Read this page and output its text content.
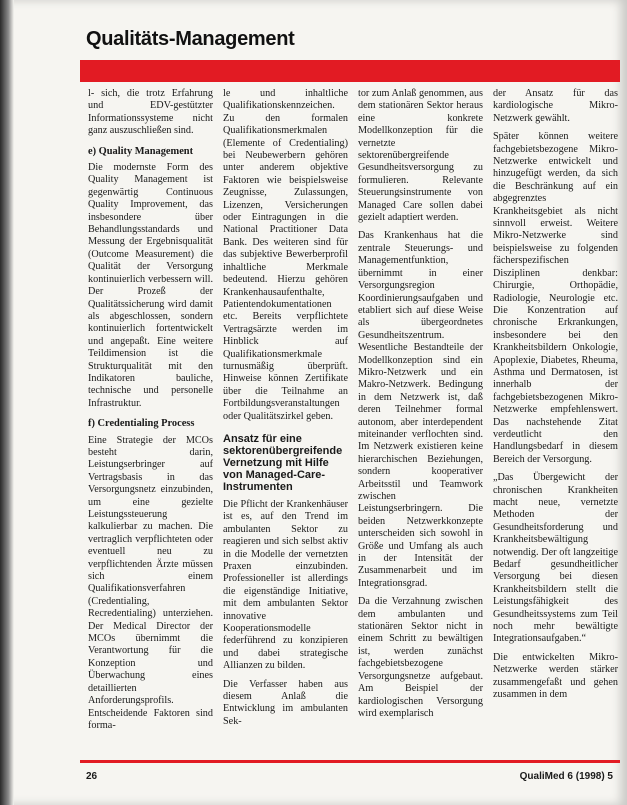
Qualitäts-Management

l- sich, die trotz Erfahrung und EDV-gestützter Informationssysteme nicht ganz auszuschließen sind.

e) Quality Management

Die modernste Form des Quality Management ist gegenwärtig Continuous Quality Improvement, das insbesondere über Behandlungsstandards und Messung der Ergebnisqualität (Outcome Measurement) die Qualität der Versorgung kontinuierlich verbessern will. Der Prozeß der Qualitätssicherung wird damit als abgeschlossen, sondern kontinuierlich fortentwickelt und angepaßt. Eine weitere Teildimension ist die Strukturqualität mit den Indikatoren bauliche, technische und personelle Infrastruktur.

f) Credentialing Process

Eine Strategie der MCOs besteht darin, Leistungserbringer auf Vertragsbasis in das Versorgungsnetz einzubinden, um eine gezielte Leistungssteuerung kalkulierbar zu machen. Die vertraglich verpflichteten oder eventuell neu zu verpflichtenden Ärzte müssen sich einem Qualifikationsverfahren (Credentialing, Recredentialing) unterziehen. Der Medical Director der MCOs übernimmt die Verantwortung für die Konzeption und Überwachung eines detaillierten Anforderungsprofils. Entscheidende Faktoren sind forma-

le und inhaltliche Qualifikationskennzeichen. Zu den formalen Qualifikationsmerkmalen (Elemente of Credentialing) bei Neubewerbern gehören unter anderem objektive Faktoren wie beispielsweise Zeugnisse, Zulassungen, Lizenzen, Versicherungen oder Eintragungen in die National Practitioner Data Bank. Des weiteren sind für das subjektive Bewerberprofil inhaltliche Merkmale bedeutend. Hierzu gehören Krankenhausaufenthalte, Patientendokumentationen etc. Bereits verpflichtete Vertragsärzte werden im Hinblick auf Qualifikationsmerkmale turnusmäßig überprüft. Hinweise können Zertifikate über die Teilnahme an Fortbildungsveranstaltungen oder Qualitätszirkel geben.

Ansatz für eine sektorenübergreifende Vernetzung mit Hilfe von Managed-Care-Instrumenten

Die Pflicht der Krankenhäuser ist es, auf den Trend im ambulanten Sektor zu reagieren und sich selbst aktiv in die Modelle der vernetzten Praxen einzubinden. Professioneller ist allerdings die eigenständige Initiative, mit dem ambulanten Sektor innovative Kooperationsmodelle federführend zu konzipieren und dabei strategische Allianzen zu bilden.

Die Verfasser haben aus diesem Anlaß die Entwicklung im ambulanten Sek-

tor zum Anlaß genommen, aus dem stationären Sektor heraus eine konkrete Modellkonzeption für die vernetzte sektorenübergreifende Gesundheitsversorgung zu formulieren. Relevante Steuerungsinstrumente von Managed Care sollen dabei gezielt adaptiert werden.

Das Krankenhaus hat die zentrale Steuerungs- und Managementfunktion, übernimmt in einer Versorgungsregion Koordinierungsaufgaben und etabliert sich auf diese Weise als übergeordnetes Gesundheitszentrum. Wesentliche Bestandteile der Modellkonzeption sind ein Mikro-Netzwerk und ein Makro-Netzwerk. Bedingung in dem Netzwerk ist, daß deren Teilnehmer formal autonom, aber interdependent miteinander verflochten sind. Im Netzwerk existieren keine hierarchischen Beziehungen, sondern kooperativer Arbeitsstil und Teamwork zwischen Leistungserbringern. Die beiden Netzwerkkonzepte unterscheiden sich sowohl in Größe und Umfang als auch in der Intensität der Zusammenarbeit und im Integrationsgrad.

Da die Verzahnung zwischen dem ambulanten und stationären Sektor nicht in einem Schritt zu bewältigen ist, werden zunächst fachgebietsbezogene Versorgungsnetze aufgebaut. Am Beispiel der kardiologischen Versorgung wird exemplarisch

der Ansatz für das kardiologische Mikro-Netzwerk gewählt.

Später können weitere fachgebietsbezogene Mikro-Netzwerke entwickelt und hinzugefügt werden, da sich die Beschränkung auf ein abgegrenztes Krankheitsgebiet als nicht sinnvoll erweist. Weitere Mikro-Netzwerke sind beispielsweise zu folgenden fächerspezifischen Disziplinen denkbar: Chirurgie, Orthopädie, Radiologie, Neurologie etc. Die Konzentration auf chronische Erkrankungen, insbesondere bei den Krankheitsbildern Onkologie, Apoplexie, Diabetes, Rheuma, Asthma und Dermatosen, ist innerhalb der fachgebietsbezogenen Mikro-Netzwerke empfehlenswert. Das nachstehende Zitat verdeutlicht den Handlungsbedarf in diesem Bereich der Versorgung.

„Das Übergewicht der chronischen Krankheiten macht neue, vernetzte Methoden der Gesundheitsforderung und Krankheitsbewältigung notwendig. Der oft langzeitige Bedarf gesundheitlicher Versorgung bei diesen Krankheitsbildern stellt die Leistungsfähigkeit des Gesundheitssystems zum Teil noch mehr bewältigte Integrationsaufgaben.“

Die entwickelten Mikro-Netzwerke werden stärker zusammengefaßt und gehen zusammen in dem

26	QualiMed 6 (1998) 5
